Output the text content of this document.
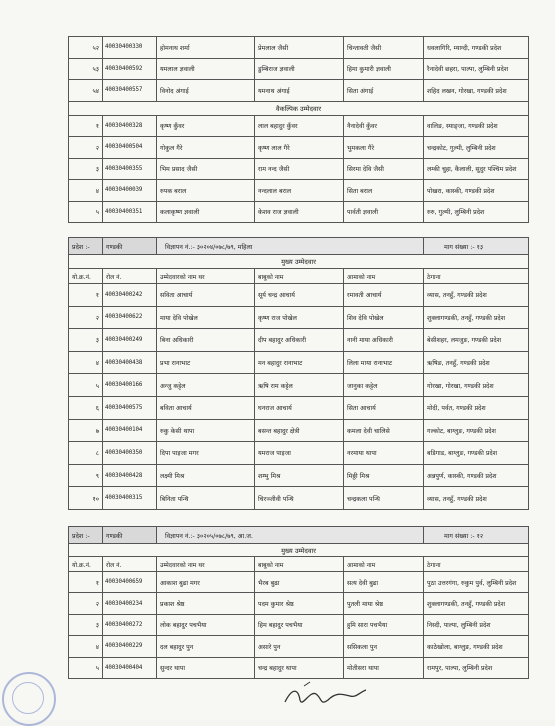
५२	40030400330	होमनाथ शर्मा	प्रेमलाल जैसी	चिन्तावती जैसी	धवलागिरि, म्याग्दी, गण्डकी प्रदेश
५३	40030400592	यमलाल ज्ञवाली	डुम्बिराज ज्ञवाली	हिमा कुमारी ज्ञवाली	रैनादेवी छहरा, पाल्पा, लुम्बिनी प्रदेश
५४	40030400557	विनोद अंगाई	यमनाथ अंगाई	सिता अंगाई	शहिद लखन, गोरखा, गण्डकी प्रदेश
वैकल्पिक उम्मेदवार					
१	40030400328	कृष्ण कुँवर	लाल बहादुर कुँवर	नैनादेवी कुँवर	वालिङ, स्याङ्जा, गण्डकी प्रदेश
२	40030400504	गोकुल गैरे	कृष्ण लाल गैरे	भुमकला गैरे	चन्द्रकोट, गुल्मी, लुम्बिनी प्रदेश
३	40030400355	भिम प्रसाद जैसी	राम नन्द जैसी	सिरमा देवि जैसी	लम्की चुहा, कैलाली, सुदुर पश्चिम प्रदेश
४	40030400039	रुपक बराल	नन्दलाल बराल	सिता बराल	पोखरा, कास्की, गण्डकी प्रदेश
५	40030400351	कलाकृष्ण ज्ञवाली	केशव राज ज्ञवाली	पार्वती ज्ञवाली	रुरु, गुल्मी, लुम्बिनी प्रदेश
प्रदेश :-	गण्डकी	विज्ञापन नं.:- ३०२०४/०७८/७९, महिला			माग संख्या :- १३
मुख्य उम्मेदवार					
यो.क्र.नं.	रोल नं.	उम्मेदवारको नाम थर	बाबुको नाम	आमाको नाम	ठेगाना
१	40030400242	सविता आचार्य	सूर्य चन्द्र आचार्य	रमावती आचार्य	व्यास, तनहुँ, गण्डकी प्रदेश
२	40030400622	माया देवि पोखेल	कृष्ण राज पोखेल	शिव देवि पोखेल	शुक्लागण्डकी, तनहुँ, गण्डकी प्रदेश
३	40030400249	बिना अधिकारी	दीप बहादुर अधिकारी	नानी माया अधिकारी	बेसीशहर, लमजुङ, गण्डकी प्रदेश
४	40030400438	प्रभा रानाभाट	मन बहादुर रानाभाट	लिला माया रानाभाट	ऋषिङ, तनहुँ, गण्डकी प्रदेश
५	40030400166	अन्जु कट्टेल	ऋषि राम कट्टेल	जानुका कट्टेल	गोरखा, गोरखा, गण्डकी प्रदेश
६	40030400575	बविता आचार्य	घनराज आचार्य	सिता आचार्य	मोदी, पर्वत, गण्डकी प्रदेश
७	40030400104	रुकु केसी थापा	बसन्त बहादुर क्षेत्री	कमला देवी चालिसे	गल्कोट, बाग्लुङ, गण्डकी प्रदेश
८	40030400350	दिपा पाइजा मगर	यमराज पाइजा	नरमाया थापा	बडिगाड, बाग्लुङ, गण्डकी प्रदेश
९	40030400428	लक्ष्मी मिश्र	शम्भु मिश्र	मिठ्ठी मिश्र	अन्नपुर्ण, कास्की, गण्डकी प्रदेश
१०	40030400315	बिनिता पन्थि	चिरञ्जीवी पन्थि	चन्द्रकला पन्थि	व्यास, तनहुँ, गण्डकी प्रदेश
प्रदेश :-	गण्डकी	विज्ञापन नं.:- ३०२०५/०७८/७९, आ.ज.			माग संख्या :- १२
मुख्य उम्मेदवार					
यो.क्र.नं.	रोल नं.	उम्मेदवारको नाम थर	बाबुको नाम	आमाको नाम	ठेगाना
१	40030400659	आकाश बुढा मगर	भैरब बुढा	सत्य देवी बुढा	पुठा उत्तरगंगा, रुकुम पुर्व, लुम्बिनी प्रदेश
२	40030400234	प्रकाश श्रेष्ठ	पदम कुमार श्रेष्ठ	पुतली माया श्रेष्ठ	शुक्लागण्डकी, तनहुँ, गण्डकी प्रदेश
३	40030400272	लोक बहादुर पचभैया	हिम बहादुर पचभैया	हुमि सारा पचभैया	निस्दी, पाल्पा, लुम्बिनी प्रदेश
४	40030400229	दल बहादुर पुन	असारे पुन	ससिकला पुन	काठेखोला, बाग्लुङ, गण्डकी प्रदेश
५	40030400404	सुन्दर थापा	चन्द्र बहादुर थापा	मोतीसरा थापा	रामपुर, पाल्पा, लुम्बिनी प्रदेश
